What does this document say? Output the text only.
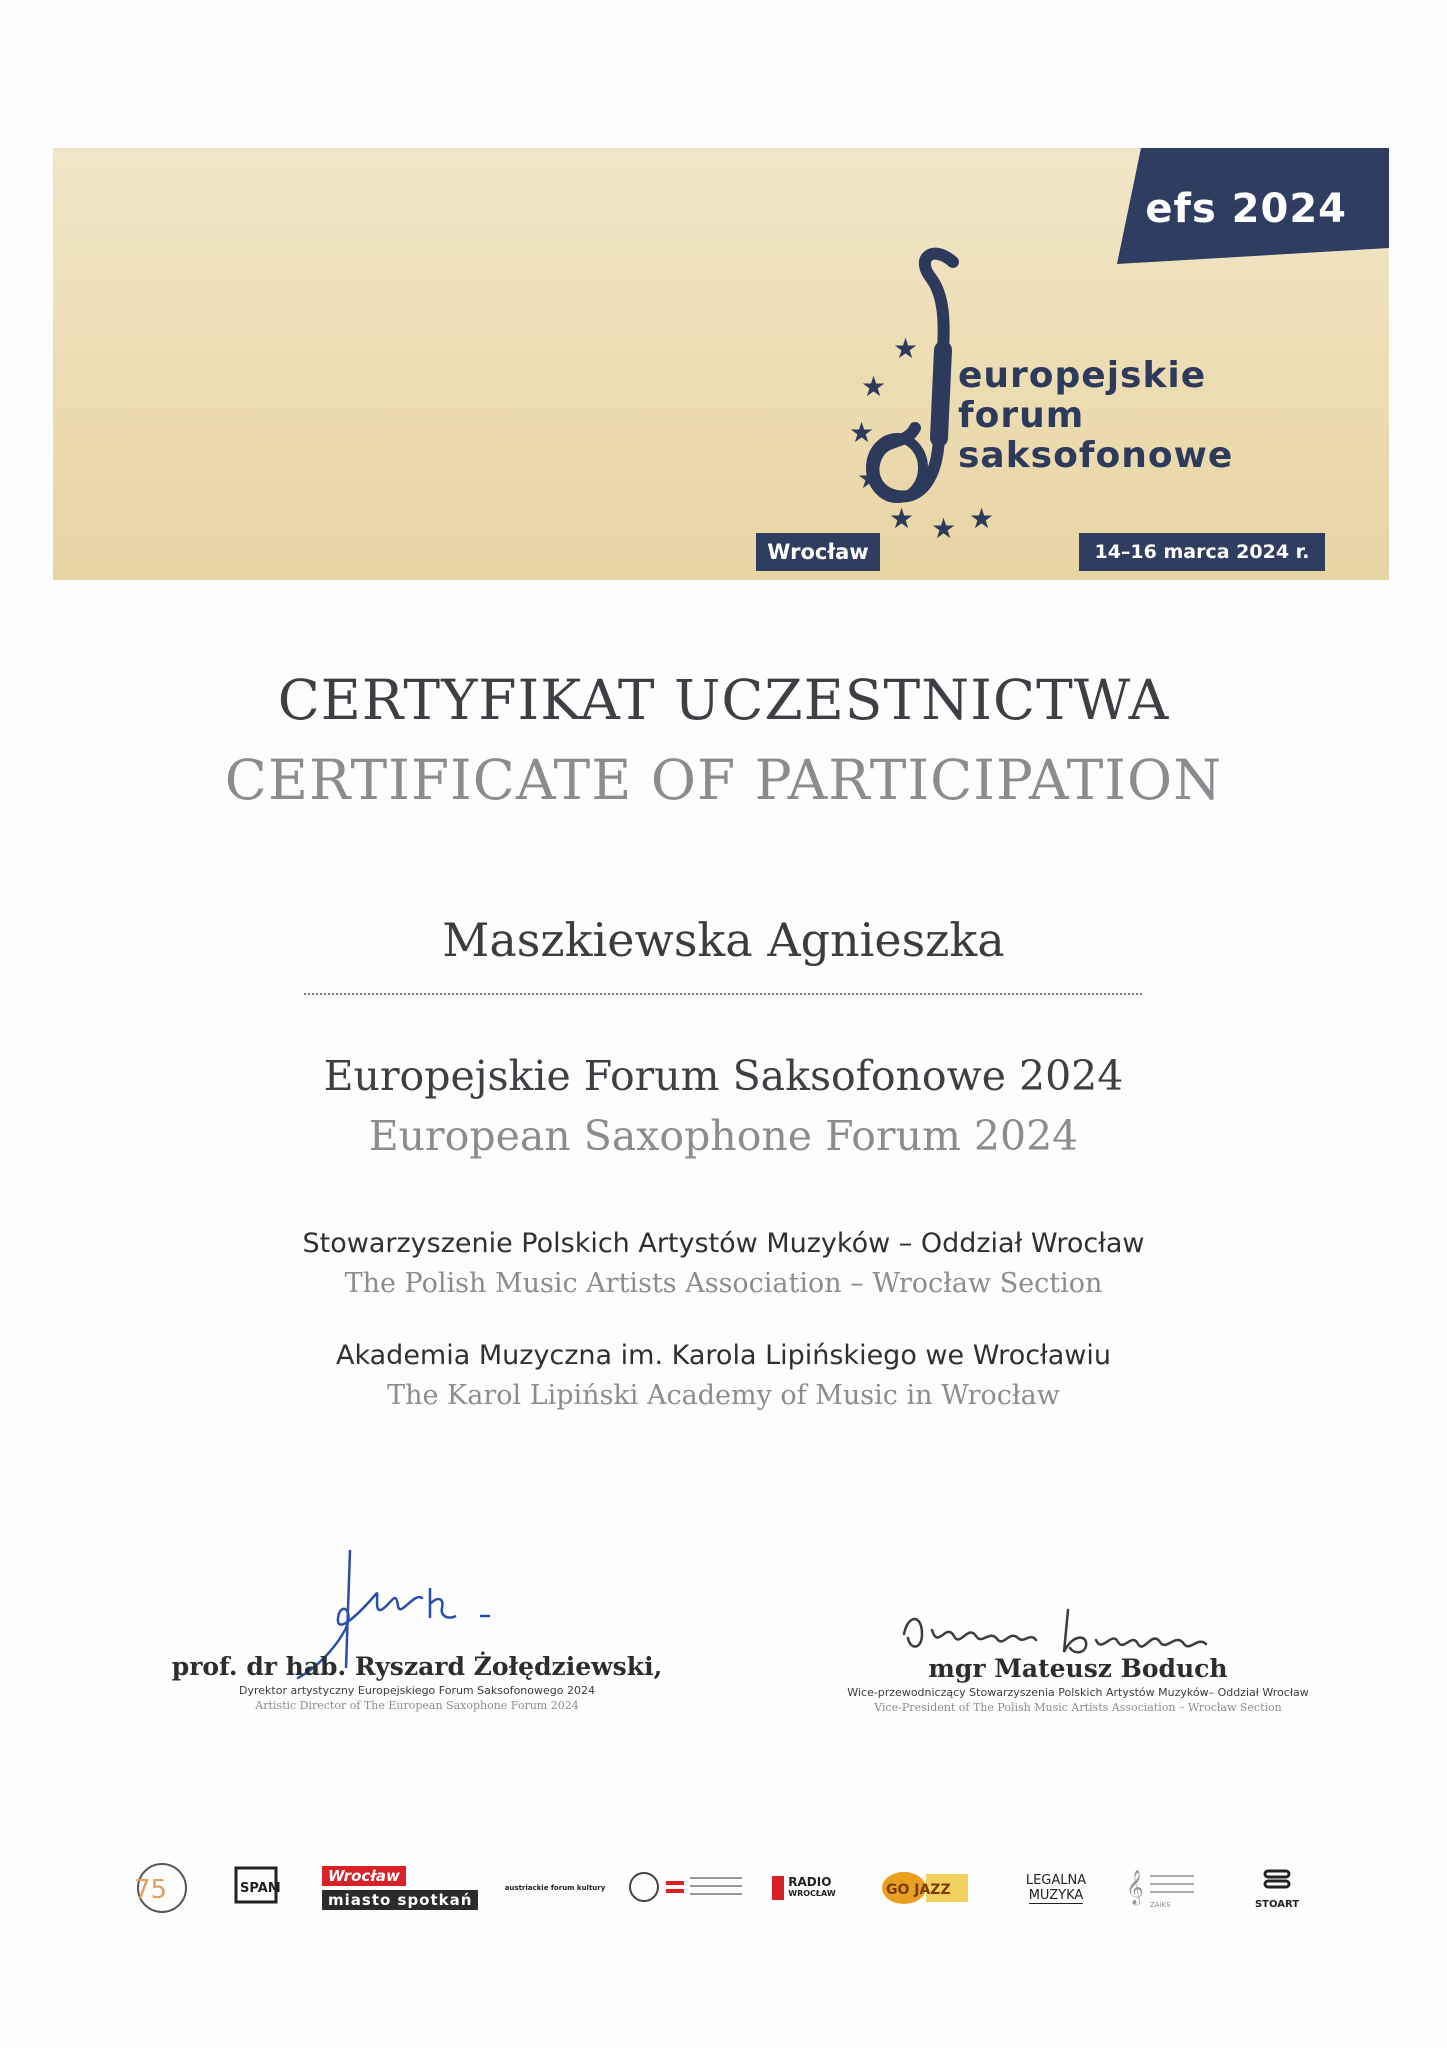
efs 2024
★
★
★
★
★ ★ ★
europejskie
forum
saksofonowe
Wrocław	14–16 marca 2024 r.
CERTYFIKAT UCZESTNICTWA
CERTIFICATE OF PARTICIPATION
Maszkiewska Agnieszka
Europejskie Forum Saksofonowe 2024
European Saxophone Forum 2024
Stowarzyszenie Polskich Artystów Muzyków – Oddział Wrocław
The Polish Music Artists Association – Wrocław Section
Akademia Muzyczna im. Karola Lipińskiego we Wrocławiu
The Karol Lipiński Academy of Music in Wrocław
prof. dr hab. Ryszard Żołędziewski,
Dyrektor artystyczny Europejskiego Forum Saksofonowego 2024
Artistic Director of The European Saxophone Forum 2024
mgr Mateusz Boduch
Wice-przewodniczący Stowarzyszenia Polskich Artystów Muzyków– Oddział Wrocław
Vice-President of The Polish Music Artists Association – Wrocław Section
75	SPAM
Wrocław
miasto spotkań
austriackie forum kultury	RADIO
WROCŁAW	GO JAZZ
LEGALNA
MUZYKA 𝄞 ZAiKS	STOART
